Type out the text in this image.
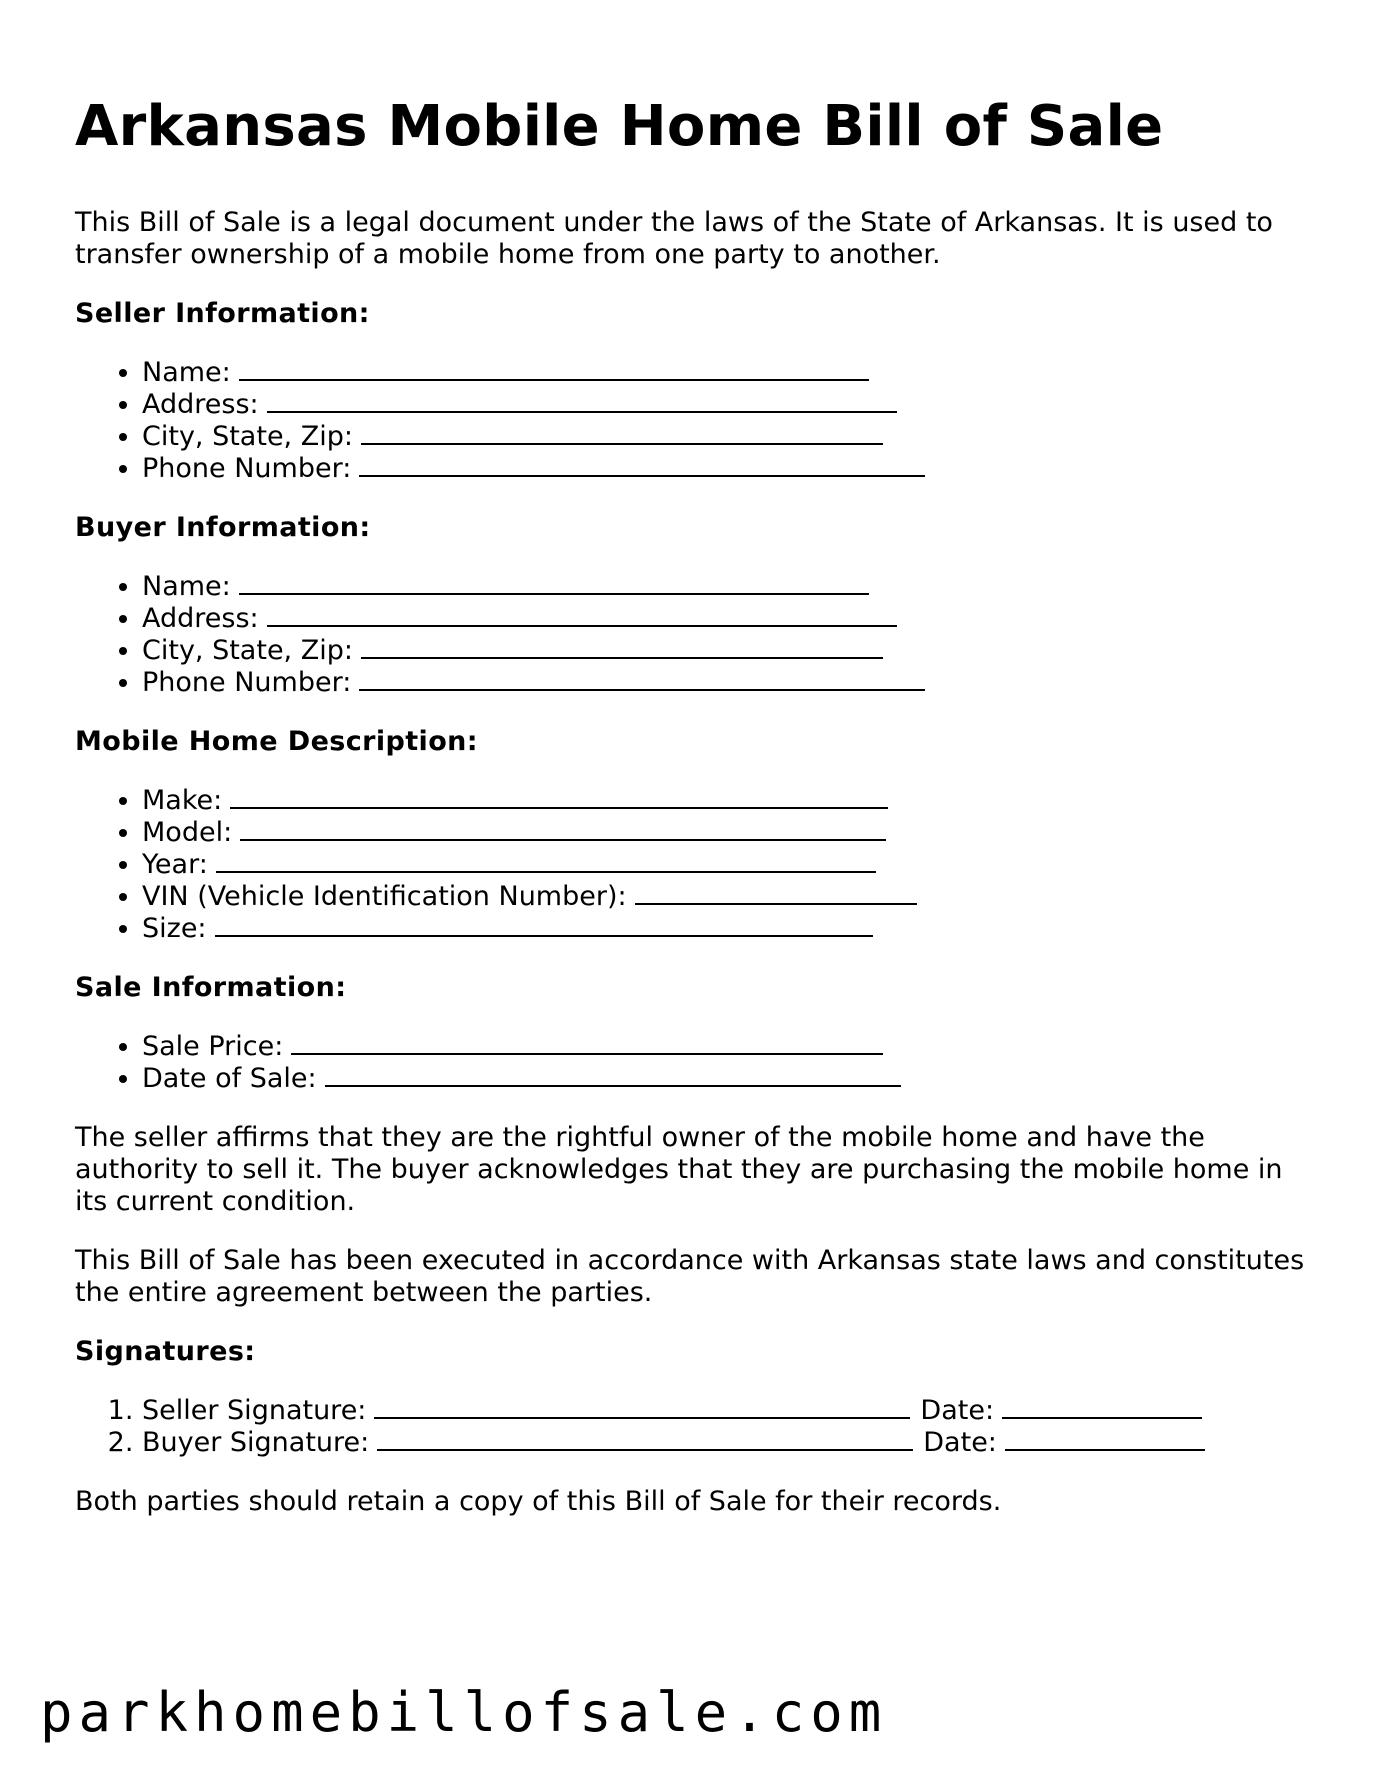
Arkansas Mobile Home Bill of Sale

This Bill of Sale is a legal document under the laws of the State of Arkansas. It is used to transfer ownership of a mobile home from one party to another.

Seller Information:
• Name:
• Address:
• City, State, Zip:
• Phone Number:
Buyer Information:
• Name:
• Address:
• City, State, Zip:
• Phone Number:
Mobile Home Description:
• Make:
• Model:
• Year:
• VIN (Vehicle Identification Number):
• Size:
Sale Information:
• Sale Price:
• Date of Sale:

The seller affirms that they are the rightful owner of the mobile home and have the authority to sell it. The buyer acknowledges that they are purchasing the mobile home in its current condition.

This Bill of Sale has been executed in accordance with Arkansas state laws and constitutes the entire agreement between the parties.

Signatures:
1. Seller Signature:	Date:
2. Buyer Signature:	Date:

Both parties should retain a copy of this Bill of Sale for their records.

parkhomebillofsale.com
